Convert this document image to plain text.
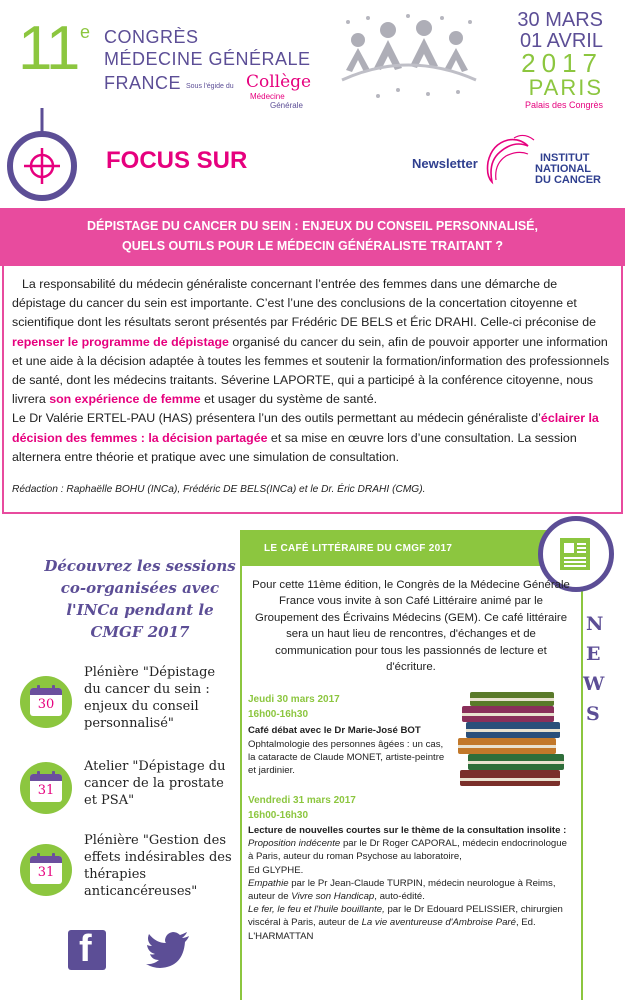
11 e CONGRÈS
MÉDECINE GÉNÉRALE
FRANCE Sous l'égide du Collège
Médecine
Générale
30 MARS
01 AVRIL
2017
PARIS
Palais des Congrès
FOCUS SUR	Newsletter	INSTITUT
NATIONAL
DU CANCER
DÉPISTAGE DU CANCER DU SEIN : ENJEUX DU CONSEIL PERSONNALISÉ,
QUELS OUTILS POUR LE MÉDECIN GÉNÉRALISTE TRAITANT ?

La responsabilité du médecin généraliste concernant l’entrée des femmes dans une démarche de dépistage du cancer du sein est importante. C’est l’une des conclusions de la concertation citoyenne et scientifique dont les résultats seront présentés par Frédéric DE BELS et Éric DRAHI. Celle-ci préconise de repenser le programme de dépistage organisé du cancer du sein, afin de pouvoir apporter une information et une aide à la décision adaptée à toutes les femmes et soutenir la formation/information des professionnels de santé, dont les médecins traitants. Séverine LAPORTE, qui a participé à la conférence citoyenne, nous livrera son expérience de femme et usager du système de santé.

Le Dr Valérie ERTEL-PAU (HAS) présentera l’un des outils permettant au médecin généraliste d’éclairer la décision des femmes : la décision partagée et sa mise en œuvre lors d’une consultation. La session alternera entre théorie et pratique avec une simulation de consultation.

Rédaction : Raphaëlle BOHU (INCa), Frédéric DE BELS(INCa) et le Dr. Éric DRAHI (CMG).
Découvrez les sessions co-organisées avec l'INCa pendant le CMGF 2017
30
Plénière "Dépistage du cancer du sein : enjeux du conseil personnalisé"
31
Atelier "Dépistage du cancer de la prostate et PSA"
31
Plénière "Gestion des effets indésirables des thérapies anticancéreuses"
f
LE CAFÉ LITTÉRAIRE DU CMGF 2017
N
E
W
S
Pour cette 11ème édition, le Congrès de la Médecine Générale France vous invite à son Café Littéraire animé par le Groupement des Écrivains Médecins (GEM). Ce café littéraire sera un haut lieu de rencontres, d'échanges et de communication pour tous les passionnés de lecture et d'écriture.
Jeudi 30 mars 2017
16h00-16h30
Café débat avec le Dr Marie-José BOT
Ophtalmologie des personnes âgées : un cas, la cataracte de Claude MONET, artiste-peintre et jardinier.
Vendredi 31 mars 2017
16h00-16h30
Lecture de nouvelles courtes sur le thème de la consultation insolite :
Proposition indécente par le Dr Roger CAPORAL, médecin endocrinologue à Paris, auteur du roman Psychose au laboratoire,
Ed GLYPHE.
Empathie par le Pr Jean-Claude TURPIN, médecin neurologue à Reims, auteur de Vivre son Handicap, auto-édité.
Le fer, le feu et l'huile bouillante, par le Dr Edouard PELISSIER, chirurgien viscéral à Paris, auteur de La vie aventureuse d'Ambroise Paré, Ed. L'HARMATTAN
